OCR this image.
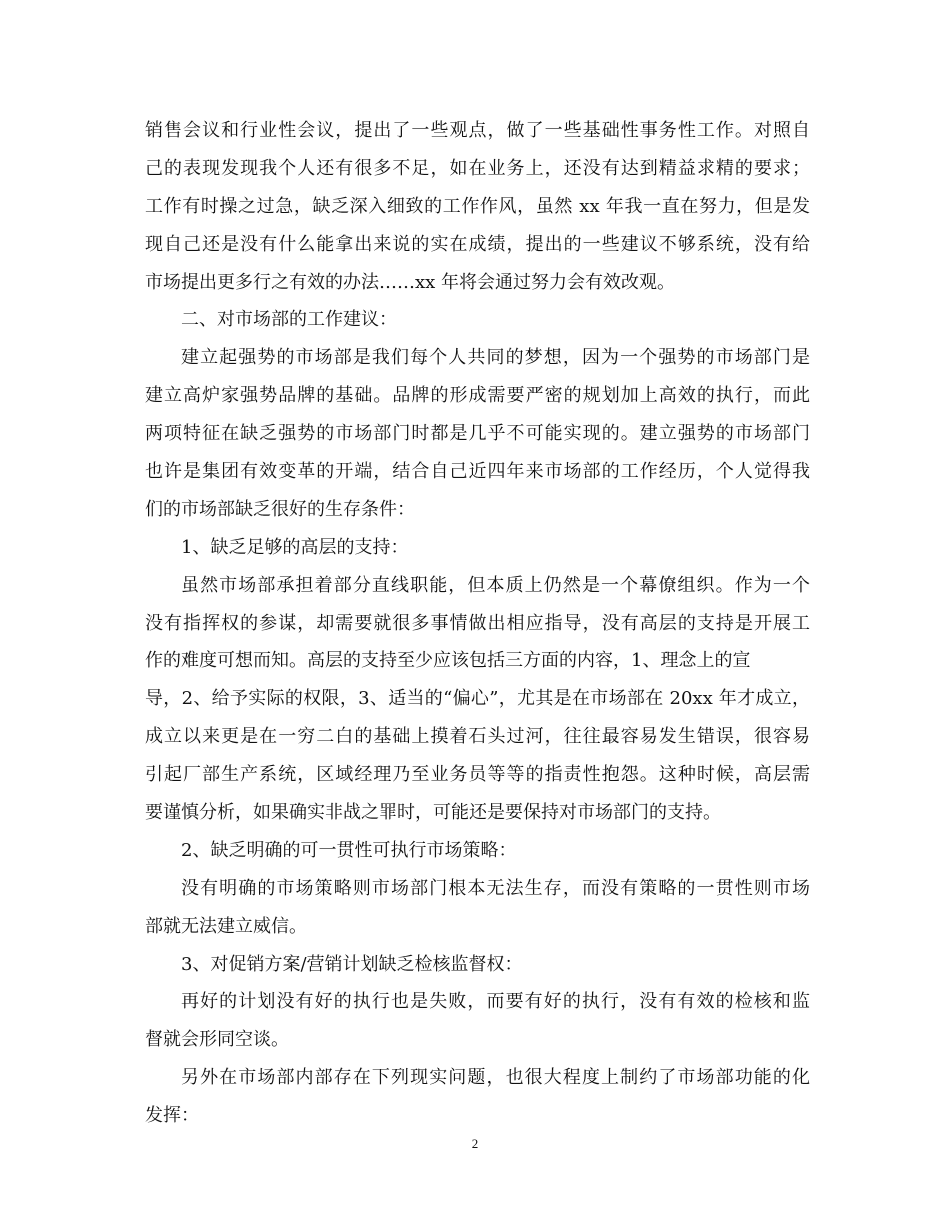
销售会议和行业性会议，提出了一些观点，做了一些基础性事务性工作。对照自
己的表现发现我个人还有很多不足，如在业务上，还没有达到精益求精的要求；
工作有时操之过急，缺乏深入细致的工作作风，虽然 xx 年我一直在努力，但是发
现自己还是没有什么能拿出来说的实在成绩，提出的一些建议不够系统，没有给
市场提出更多行之有效的办法……xx 年将会通过努力会有效改观。
二、对市场部的工作建议：
建立起强势的市场部是我们每个人共同的梦想，因为一个强势的市场部门是
建立高炉家强势品牌的基础。品牌的形成需要严密的规划加上高效的执行，而此
两项特征在缺乏强势的市场部门时都是几乎不可能实现的。建立强势的市场部门
也许是集团有效变革的开端，结合自己近四年来市场部的工作经历，个人觉得我
们的市场部缺乏很好的生存条件：
1、缺乏足够的高层的支持：
虽然市场部承担着部分直线职能，但本质上仍然是一个幕僚组织。作为一个
没有指挥权的参谋，却需要就很多事情做出相应指导，没有高层的支持是开展工
作的难度可想而知。高层的支持至少应该包括三方面的内容，1、理念上的宣
导，2、给予实际的权限，3、适当的“偏心”，尤其是在市场部在 20xx 年才成立，
成立以来更是在一穷二白的基础上摸着石头过河，往往最容易发生错误，很容易
引起厂部生产系统，区域经理乃至业务员等等的指责性抱怨。这种时候，高层需
要谨慎分析，如果确实非战之罪时，可能还是要保持对市场部门的支持。
2、缺乏明确的可一贯性可执行市场策略：
没有明确的市场策略则市场部门根本无法生存，而没有策略的一贯性则市场
部就无法建立威信。
3、对促销方案/营销计划缺乏检核监督权：
再好的计划没有好的执行也是失败，而要有好的执行，没有有效的检核和监
督就会形同空谈。
另外在市场部内部存在下列现实问题，也很大程度上制约了市场部功能的化
发挥：
2
